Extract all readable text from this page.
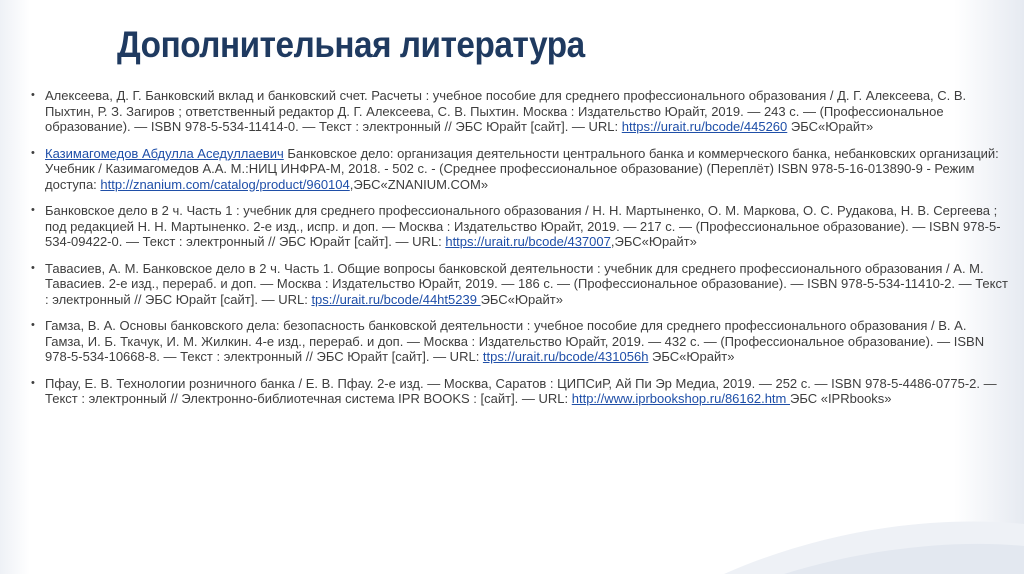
Дополнительная литература
• Алексеева, Д. Г. Банковский вклад и банковский счет. Расчеты : учебное пособие для среднего профессионального образования / Д. Г. Алексеева, С. В. Пыхтин, Р. З. Загиров ; ответственный редактор Д. Г. Алексеева, С. В. Пыхтин. Москва : Издательство Юрайт, 2019. — 243 с. — (Профессиональное образование). — ISBN 978-5-534-11414-0. — Текст : электронный // ЭБС Юрайт [сайт]. — URL: https://urait.ru/bcode/445260 ЭБС«Юрайт»
• Казимагомедов Абдулла Аседуллаевич Банковское дело: организация деятельности центрального банка и коммерческого банка, небанковских организаций: Учебник / Казимагомедов А.А. М.:НИЦ ИНФРА-М, 2018. - 502 с. - (Среднее профессиональное образование) (Переплёт) ISBN 978-5-16-013890-9 - Режим доступа: http://znanium.com/catalog/product/960104,ЭБС«ZNANIUM.COM»
• Банковское дело в 2 ч. Часть 1 : учебник для среднего профессионального образования / Н. Н. Мартыненко, О. М. Маркова, О. С. Рудакова, Н. В. Сергеева ; под редакцией Н. Н. Мартыненко. 2-е изд., испр. и доп. — Москва : Издательство Юрайт, 2019. — 217 с. — (Профессиональное образование). — ISBN 978-5-534-09422-0. — Текст : электронный // ЭБС Юрайт [сайт]. — URL: https://urait.ru/bcode/437007,ЭБС«Юрайт»
• Тавасиев, А. М. Банковское дело в 2 ч. Часть 1. Общие вопросы банковской деятельности : учебник для среднего профессионального образования / А. М. Тавасиев. 2-е изд., перераб. и доп. — Москва : Издательство Юрайт, 2019. — 186 с. — (Профессиональное образование). — ISBN 978-5-534-11410-2. — Текст : электронный // ЭБС Юрайт [сайт]. — URL: tps://urait.ru/bcode/44ht5239 ЭБС«Юрайт»
• Гамза, В. А. Основы банковского дела: безопасность банковской деятельности : учебное пособие для среднего профессионального образования / В. А. Гамза, И. Б. Ткачук, И. М. Жилкин. 4-е изд., перераб. и доп. — Москва : Издательство Юрайт, 2019. — 432 с. — (Профессиональное образование). — ISBN 978-5-534-10668-8. — Текст : электронный // ЭБС Юрайт [сайт]. — URL: ttps://urait.ru/bcode/431056h ЭБС«Юрайт»
• Пфау, Е. В. Технологии розничного банка / Е. В. Пфау. 2-е изд. — Москва, Саратов : ЦИПСиР, Ай Пи Эр Медиа, 2019. — 252 с. — ISBN 978-5-4486-0775-2. — Текст : электронный // Электронно-библиотечная система IPR BOOKS : [сайт]. — URL: http://www.iprbookshop.ru/86162.htm ЭБС «IPRbooks»
